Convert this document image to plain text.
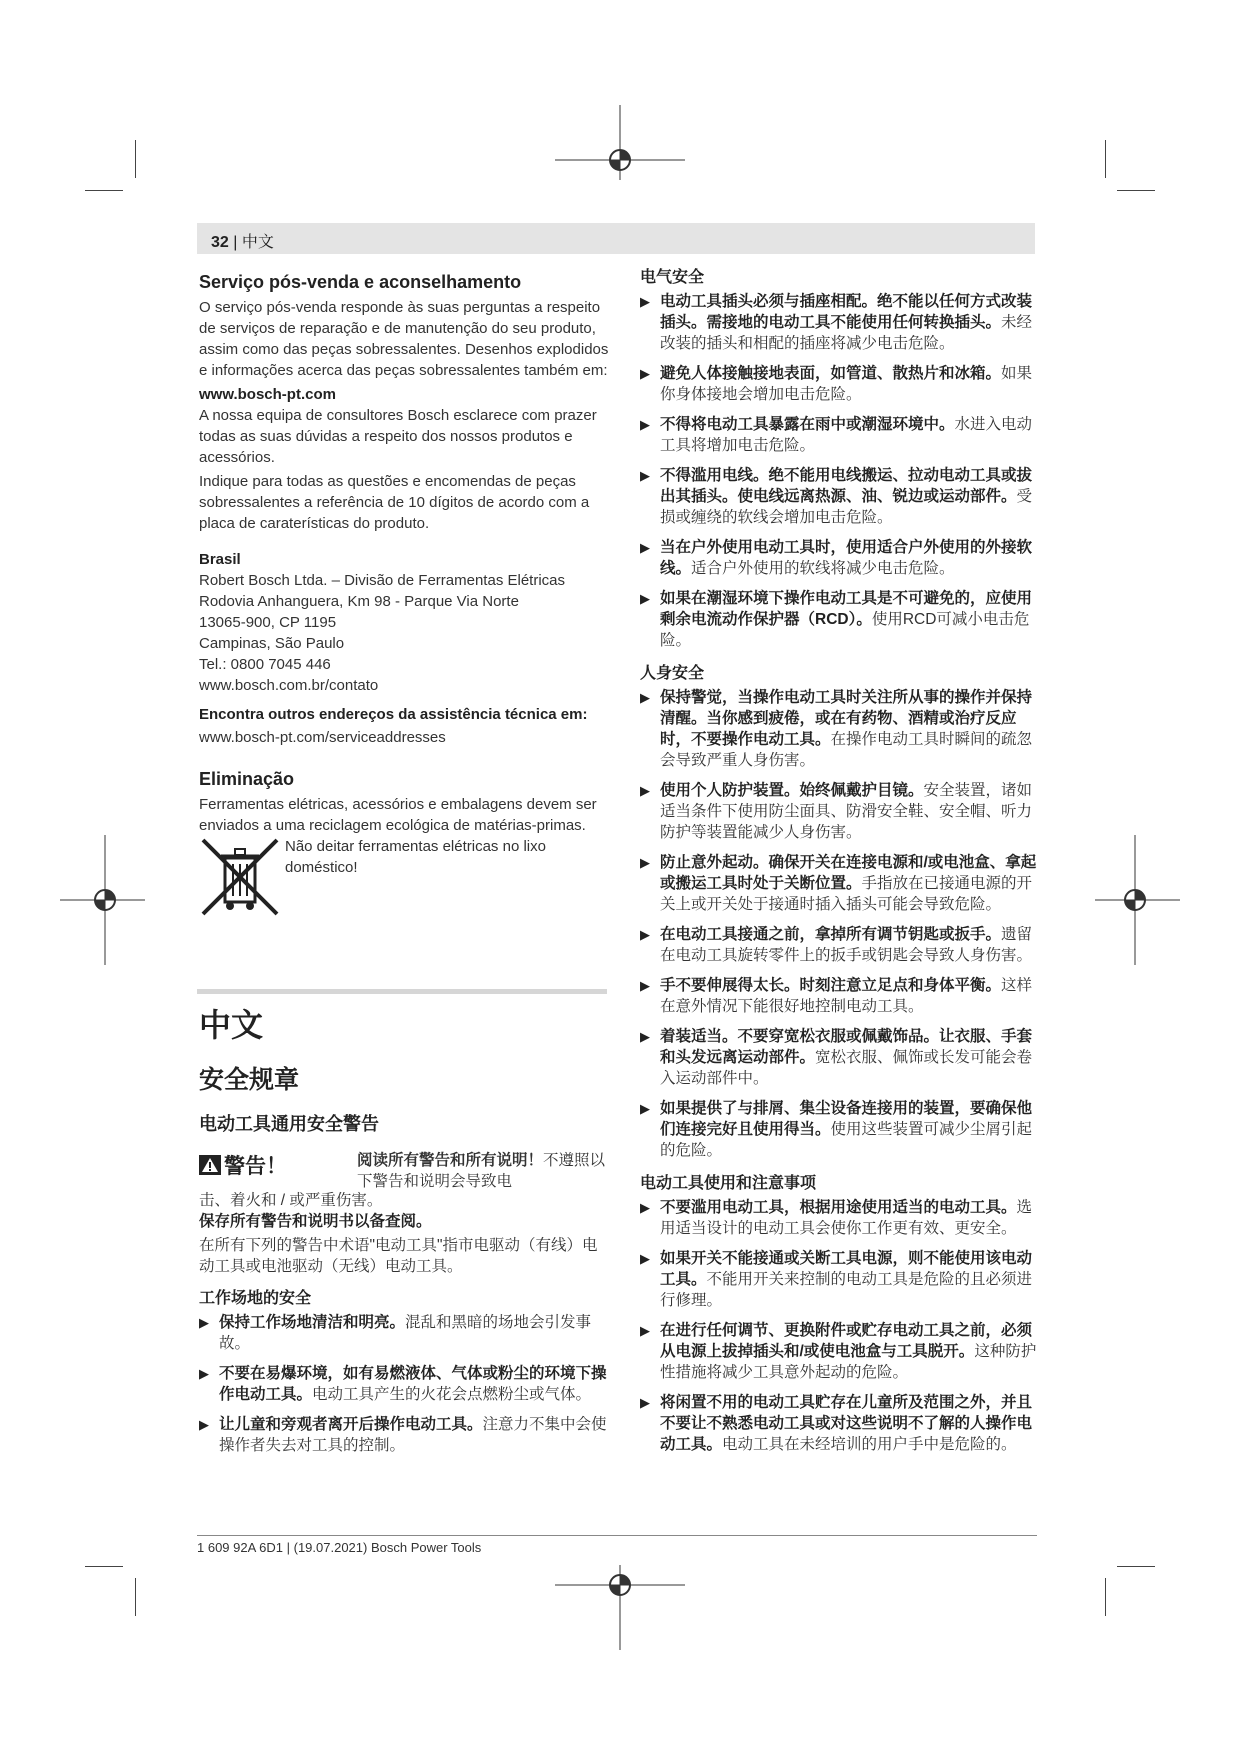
32 | 中文
Serviço pós-venda e aconselhamento

O serviço pós-venda responde às suas perguntas a respeito de serviços de reparação e de manutenção do seu produto, assim como das peças sobressalentes. Desenhos explodidos e informações acerca das peças sobressalentes também em:

www.bosch-pt.com

A nossa equipa de consultores Bosch esclarece com prazer todas as suas dúvidas a respeito dos nossos produtos e acessórios.

Indique para todas as questões e encomendas de peças sobressalentes a referência de 10 dígitos de acordo com a placa de caraterísticas do produto.

Brasil

Robert Bosch Ltda. – Divisão de Ferramentas Elétricas

Rodovia Anhanguera, Km 98 - Parque Via Norte

13065-900, CP 1195

Campinas, São Paulo

Tel.: 0800 7045 446

www.bosch.com.br/contato

Encontra outros endereços da assistência técnica em:

www.bosch-pt.com/serviceaddresses

Eliminação

Ferramentas elétricas, acessórios e embalagens devem ser enviados a uma reciclagem ecológica de matérias-primas.

Não deitar ferramentas elétricas no lixo doméstico!

中文
安全规章
电动工具通用安全警告
警告！	阅读所有警告和所有说明！不遵照以下警告和说明会导致电

击、着火和 / 或严重伤害。

保存所有警告和说明书以备查阅。

在所有下列的警告中术语"电动工具"指市电驱动（有线）电动工具或电池驱动（无线）电动工具。

工作场地的安全
▶ 保持工作场地清洁和明亮。混乱和黑暗的场地会引发事故。
▶ 不要在易爆环境，如有易燃液体、气体或粉尘的环境下操作电动工具。电动工具产生的火花会点燃粉尘或气体。
▶ 让儿童和旁观者离开后操作电动工具。注意力不集中会使操作者失去对工具的控制。
电气安全
▶ 电动工具插头必须与插座相配。绝不能以任何方式改装插头。需接地的电动工具不能使用任何转换插头。未经改装的插头和相配的插座将减少电击危险。
▶ 避免人体接触接地表面，如管道、散热片和冰箱。如果你身体接地会增加电击危险。
▶ 不得将电动工具暴露在雨中或潮湿环境中。水进入电动工具将增加电击危险。
▶ 不得滥用电线。绝不能用电线搬运、拉动电动工具或拔出其插头。使电线远离热源、油、锐边或运动部件。受损或缠绕的软线会增加电击危险。
▶ 当在户外使用电动工具时，使用适合户外使用的外接软线。适合户外使用的软线将减少电击危险。
▶ 如果在潮湿环境下操作电动工具是不可避免的，应使用剩余电流动作保护器（RCD）。使用RCD可减小电击危险。
人身安全
▶ 保持警觉，当操作电动工具时关注所从事的操作并保持清醒。当你感到疲倦，或在有药物、酒精或治疗反应时，不要操作电动工具。在操作电动工具时瞬间的疏忽会导致严重人身伤害。
▶ 使用个人防护装置。始终佩戴护目镜。安全装置，诸如适当条件下使用防尘面具、防滑安全鞋、安全帽、听力防护等装置能减少人身伤害。
▶ 防止意外起动。确保开关在连接电源和/或电池盒、拿起或搬运工具时处于关断位置。手指放在已接通电源的开关上或开关处于接通时插入插头可能会导致危险。
▶ 在电动工具接通之前，拿掉所有调节钥匙或扳手。遗留在电动工具旋转零件上的扳手或钥匙会导致人身伤害。
▶ 手不要伸展得太长。时刻注意立足点和身体平衡。这样在意外情况下能很好地控制电动工具。
▶ 着装适当。不要穿宽松衣服或佩戴饰品。让衣服、手套和头发远离运动部件。宽松衣服、佩饰或长发可能会卷入运动部件中。
▶ 如果提供了与排屑、集尘设备连接用的装置，要确保他们连接完好且使用得当。使用这些装置可减少尘屑引起的危险。
电动工具使用和注意事项
▶ 不要滥用电动工具，根据用途使用适当的电动工具。选用适当设计的电动工具会使你工作更有效、更安全。
▶ 如果开关不能接通或关断工具电源，则不能使用该电动工具。不能用开关来控制的电动工具是危险的且必须进行修理。
▶ 在进行任何调节、更换附件或贮存电动工具之前，必须从电源上拔掉插头和/或使电池盒与工具脱开。这种防护性措施将减少工具意外起动的危险。
▶ 将闲置不用的电动工具贮存在儿童所及范围之外，并且不要让不熟悉电动工具或对这些说明不了解的人操作电动工具。电动工具在未经培训的用户手中是危险的。
1 609 92A 6D1 | (19.07.2021) Bosch Power Tools
